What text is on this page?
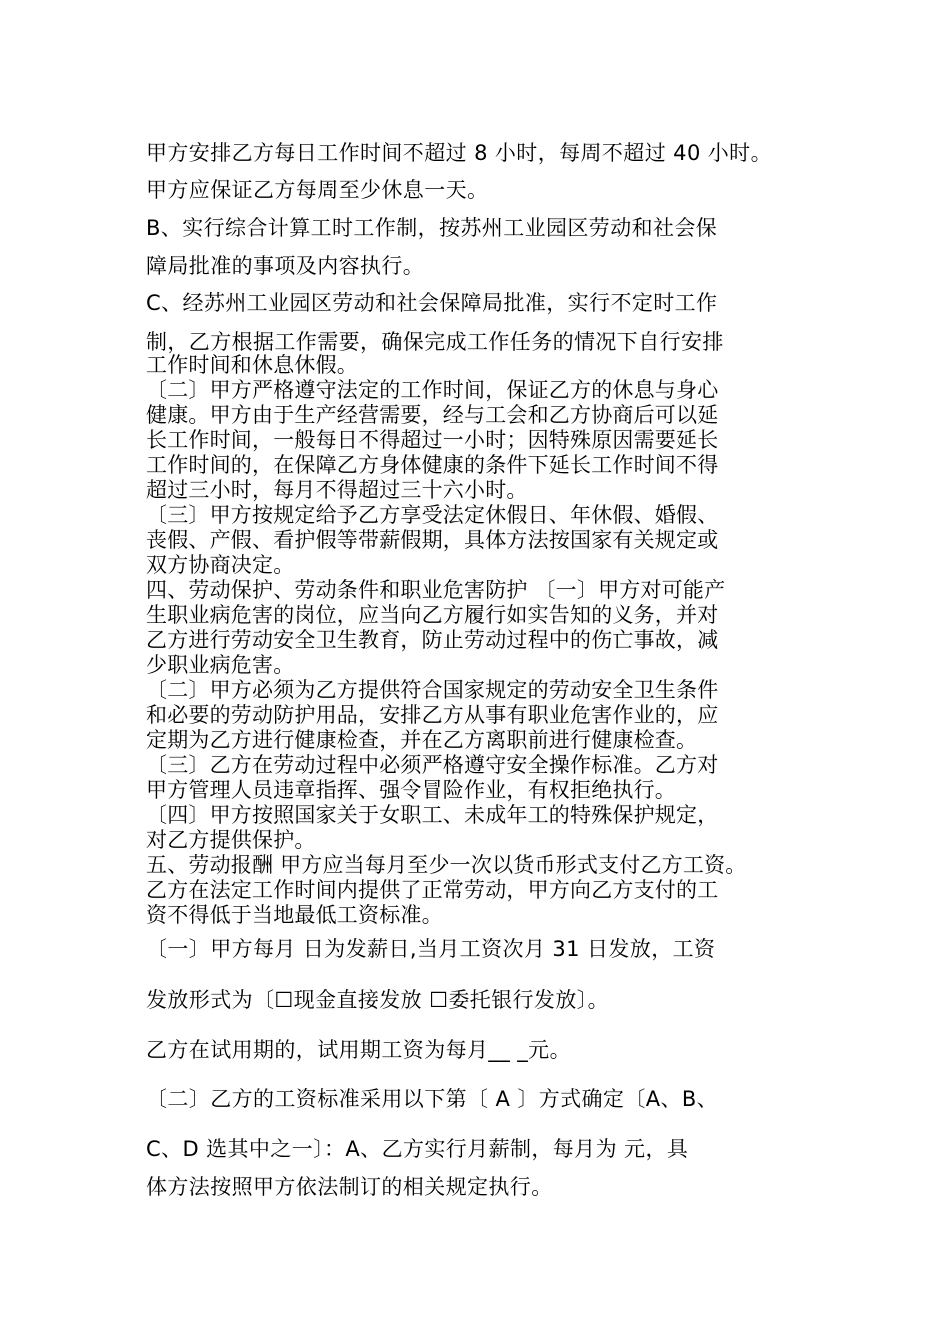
甲方安排乙方每日工作时间不超过 8 小时，每周不超过 40 小时。
甲方应保证乙方每周至少休息一天。
B、实行综合计算工时工作制，按苏州工业园区劳动和社会保
障局批准的事项及内容执行。
C、经苏州工业园区劳动和社会保障局批准，实行不定时工作
制，乙方根据工作需要，确保完成工作任务的情况下自行安排
工作时间和休息休假。
〔二〕甲方严格遵守法定的工作时间，保证乙方的休息与身心
健康。甲方由于生产经营需要，经与工会和乙方协商后可以延
长工作时间，一般每日不得超过一小时；因特殊原因需要延长
工作时间的，在保障乙方身体健康的条件下延长工作时间不得
超过三小时，每月不得超过三十六小时。
〔三〕甲方按规定给予乙方享受法定休假日、年休假、婚假、
丧假、产假、看护假等带薪假期，具体方法按国家有关规定或
双方协商决定。
四、劳动保护、劳动条件和职业危害防护 〔一〕甲方对可能产
生职业病危害的岗位，应当向乙方履行如实告知的义务，并对
乙方进行劳动安全卫生教育，防止劳动过程中的伤亡事故，减
少职业病危害。
〔二〕甲方必须为乙方提供符合国家规定的劳动安全卫生条件
和必要的劳动防护用品，安排乙方从事有职业危害作业的，应
定期为乙方进行健康检查，并在乙方离职前进行健康检查。
〔三〕乙方在劳动过程中必须严格遵守安全操作标准。乙方对
甲方管理人员违章指挥、强令冒险作业，有权拒绝执行。
〔四〕甲方按照国家关于女职工、未成年工的特殊保护规定，
对乙方提供保护。
五、劳动报酬 甲方应当每月至少一次以货币形式支付乙方工资。
乙方在法定工作时间内提供了正常劳动，甲方向乙方支付的工
资不得低于当地最低工资标准。
〔一〕甲方每月 日为发薪日,当月工资次月 31 日发放，工资
发放形式为〔☐现金直接发放 ☐委托银行发放〕。
乙方在试用期的，试用期工资为每月__ _元。
〔二〕乙方的工资标准采用以下第〔 A 〕方式确定〔A、B、
C、D 选其中之一〕：A、乙方实行月薪制，每月为 元，具
体方法按照甲方依法制订的相关规定执行。
